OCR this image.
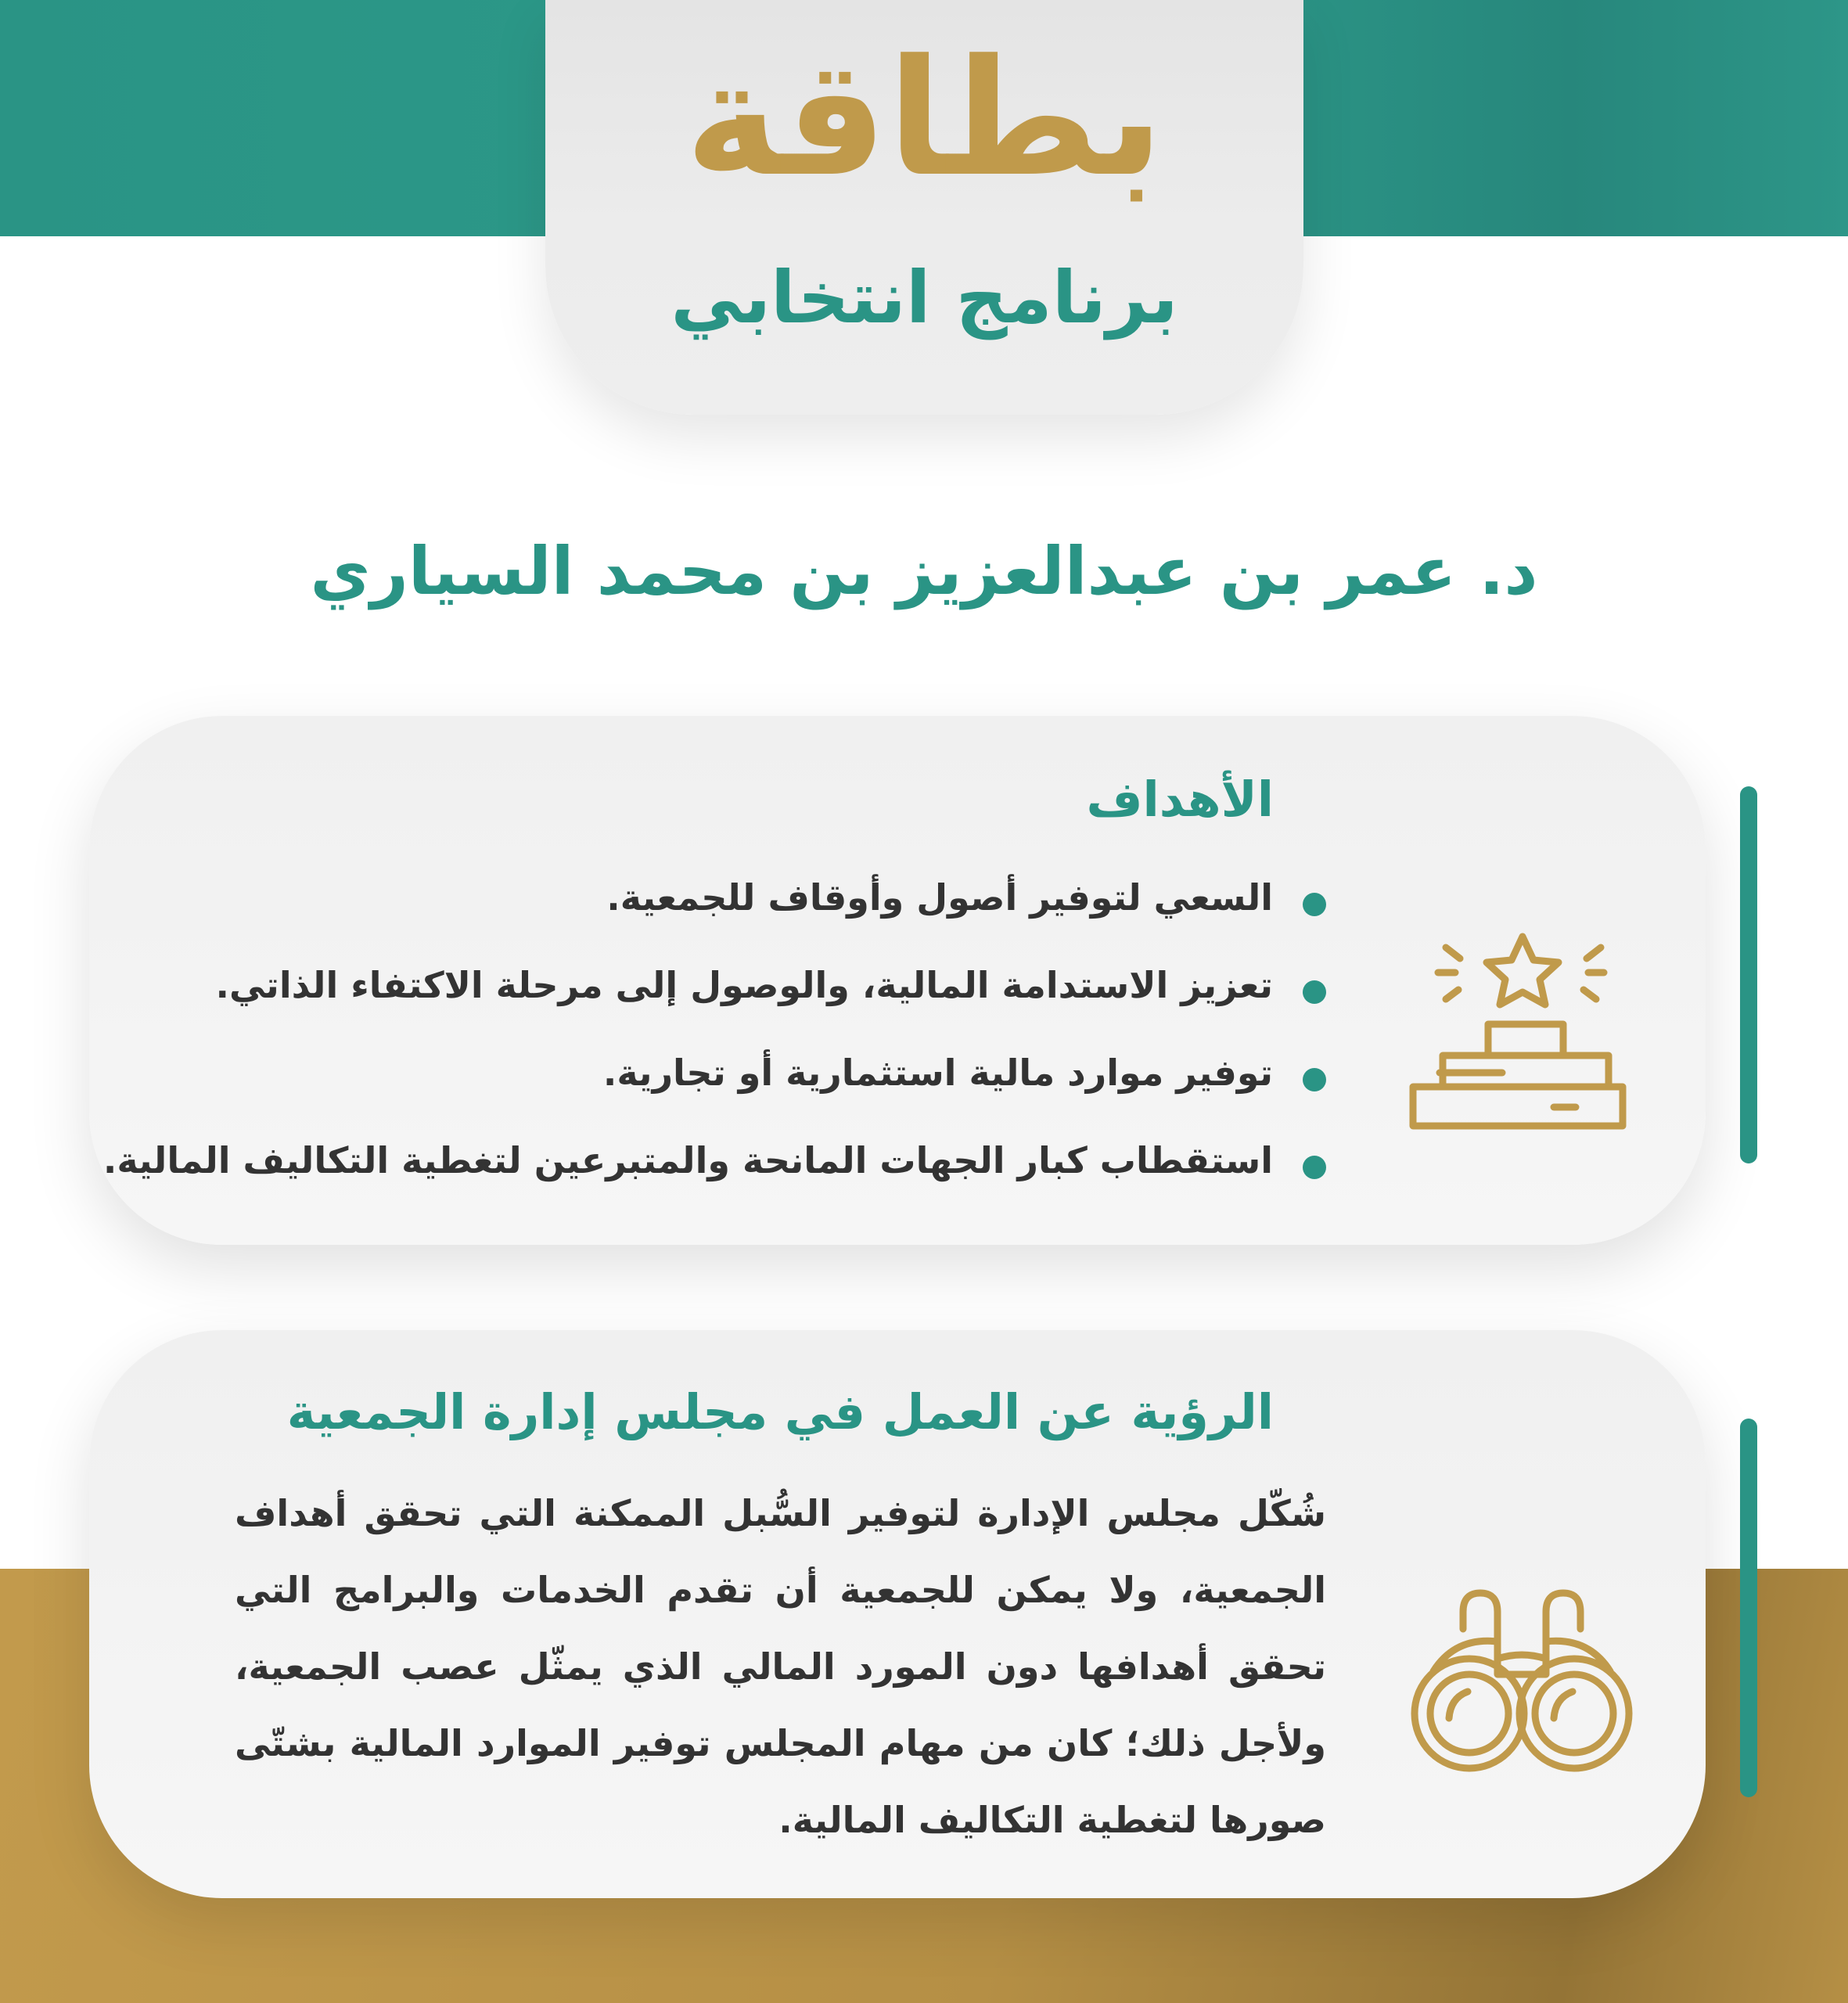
بطاقة
برنامج انتخابي
د. عمر بن عبدالعزيز بن محمد السياري
الأهداف
السعي لتوفير أصول وأوقاف للجمعية.
تعزيز الاستدامة المالية، والوصول إلى مرحلة الاكتفاء الذاتي.
توفير موارد مالية استثمارية أو تجارية.
استقطاب كبار الجهات المانحة والمتبرعين لتغطية التكاليف المالية.
الرؤية عن العمل في مجلس إدارة الجمعية

شُكّل مجلس الإدارة لتوفير السُّبل الممكنة التي تحقق أهداف الجمعية، ولا يمكن للجمعية أن تقدم الخدمات والبرامج التي تحقق أهدافها دون المورد المالي الذي يمثّل عصب الجمعية، ولأجل ذلك؛ كان من مهام المجلس توفير الموارد المالية بشتّى صورها لتغطية التكاليف المالية.
